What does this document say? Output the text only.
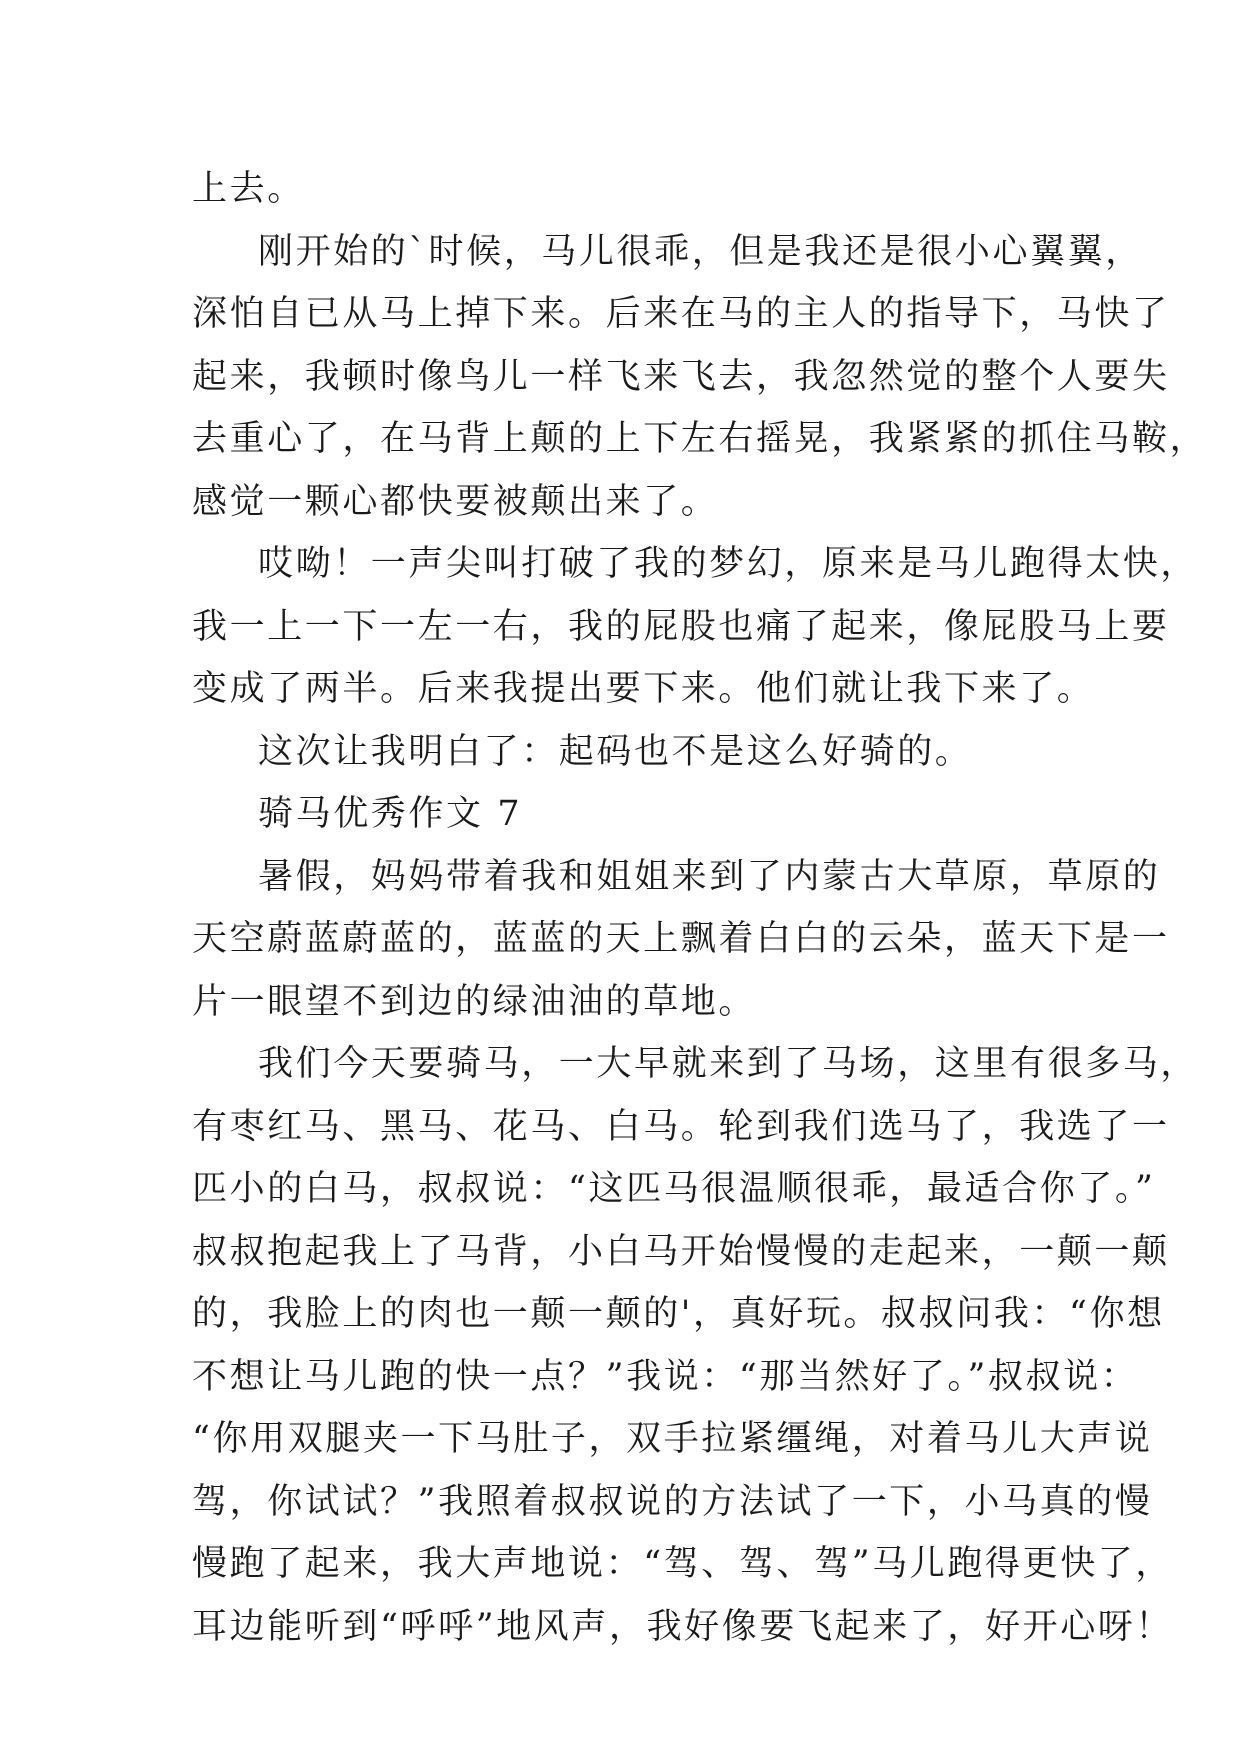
上去。
刚开始的`时候，马儿很乖，但是我还是很小心翼翼，
深怕自已从马上掉下来。后来在马的主人的指导下，马快了
起来，我顿时像鸟儿一样飞来飞去，我忽然觉的整个人要失
去重心了，在马背上颠的上下左右摇晃，我紧紧的抓住马鞍，
感觉一颗心都快要被颠出来了。
哎呦！一声尖叫打破了我的梦幻，原来是马儿跑得太快，
我一上一下一左一右，我的屁股也痛了起来，像屁股马上要
变成了两半。后来我提出要下来。他们就让我下来了。
这次让我明白了：起码也不是这么好骑的。
骑马优秀作文 7
暑假，妈妈带着我和姐姐来到了内蒙古大草原，草原的
天空蔚蓝蔚蓝的，蓝蓝的天上飘着白白的云朵，蓝天下是一
片一眼望不到边的绿油油的草地。
我们今天要骑马，一大早就来到了马场，这里有很多马，
有枣红马、黑马、花马、白马。轮到我们选马了，我选了一
匹小的白马，叔叔说：“这匹马很温顺很乖，最适合你了。”
叔叔抱起我上了马背，小白马开始慢慢的走起来，一颠一颠
的，我脸上的肉也一颠一颠的'，真好玩。叔叔问我：“你想
不想让马儿跑的快一点？”我说：“那当然好了。”叔叔说：
“你用双腿夹一下马肚子，双手拉紧缰绳，对着马儿大声说
驾，你试试？”我照着叔叔说的方法试了一下，小马真的慢
慢跑了起来，我大声地说：“驾、驾、驾”马儿跑得更快了，
耳边能听到“呼呼”地风声，我好像要飞起来了，好开心呀！
